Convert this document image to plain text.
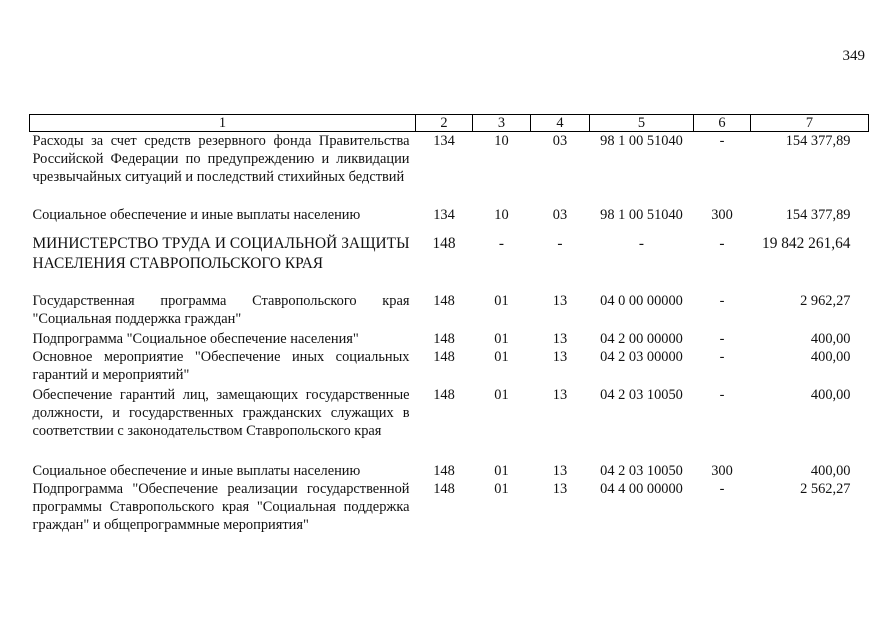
349
1	2	3	4	5	6	7
Расходы за счет средств резервного фонда Правительства Российской Федерации по предупреждению и ликвидации чрезвычайных ситуаций и последствий стихийных бедствий	134	10	03	98 1 00 51040	-	154 377,89
Социальное обеспечение и иные выплаты населению	134	10	03	98 1 00 51040	300	154 377,89
МИНИСТЕРСТВО ТРУДА И СОЦИАЛЬНОЙ ЗАЩИТЫ НАСЕЛЕНИЯ СТАВРОПОЛЬСКОГО КРАЯ	148	-	-	-	-	19 842 261,64
Государственная программа Ставропольского края "Социальная поддержка граждан"	148	01	13	04 0 00 00000	-	2 962,27
Подпрограмма "Социальное обеспечение населения"	148	01	13	04 2 00 00000	-	400,00
Основное мероприятие "Обеспечение иных социальных гарантий и мероприятий"	148	01	13	04 2 03 00000	-	400,00
Обеспечение гарантий лиц, замещающих государственные должности, и государственных гражданских служащих в соответствии с законодательством Ставропольского края	148	01	13	04 2 03 10050	-	400,00
Социальное обеспечение и иные выплаты населению	148	01	13	04 2 03 10050	300	400,00
Подпрограмма "Обеспечение реализации государственной программы Ставропольского края "Социальная поддержка граждан" и общепрограммные мероприятия"	148	01	13	04 4 00 00000	-	2 562,27
